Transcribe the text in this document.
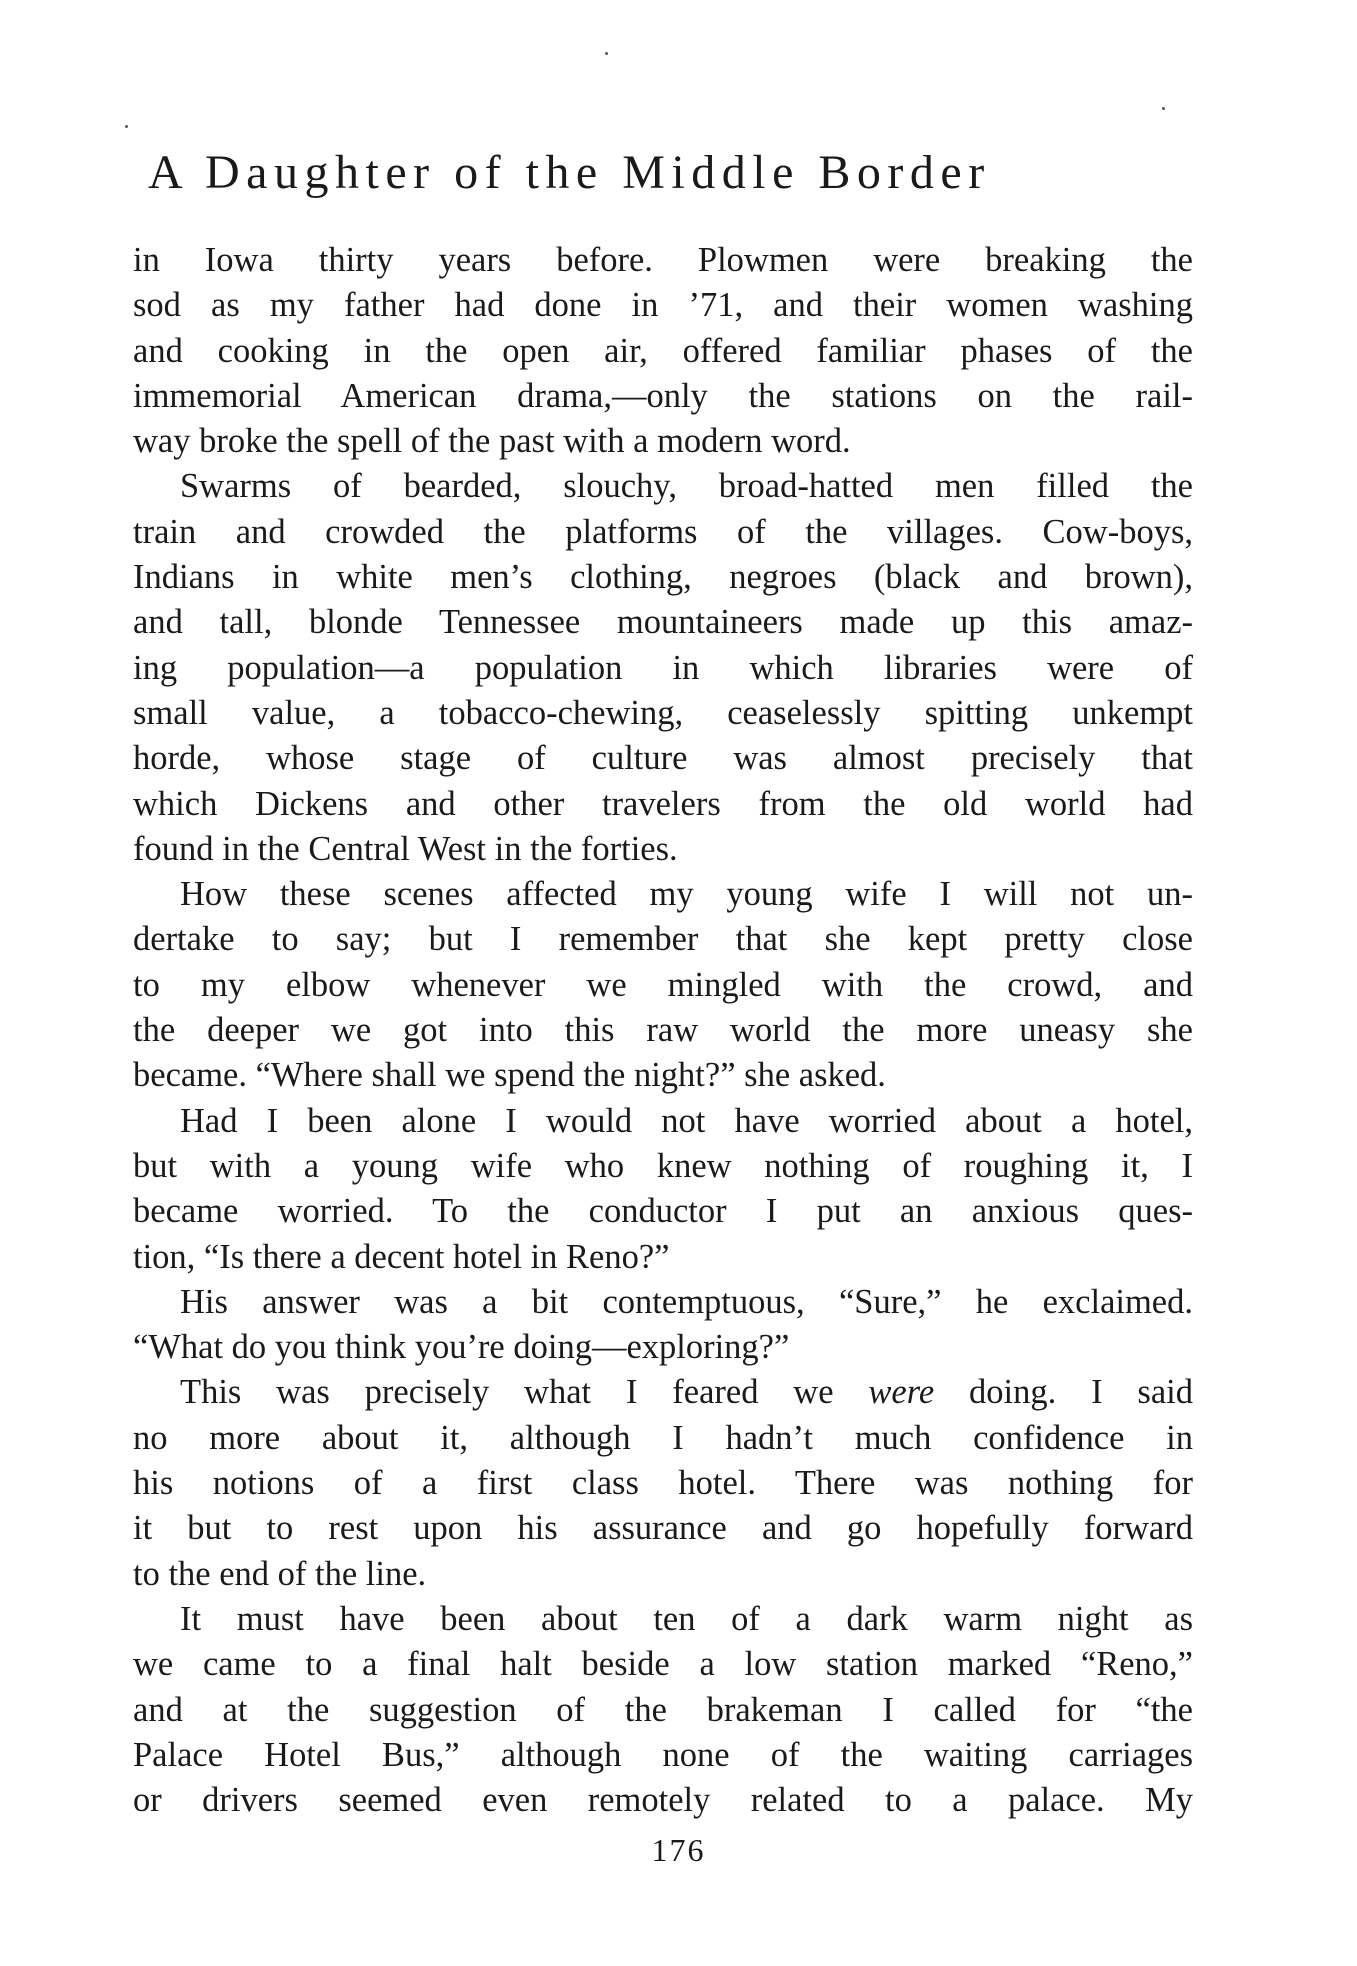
A Daughter of the Middle Border
in Iowa thirty years before. Plowmen were breaking the
sod as my father had done in ’71, and their women washing
and cooking in the open air, offered familiar phases of the
immemorial American drama,—only the stations on the rail-
way broke the spell of the past with a modern word.
Swarms of bearded, slouchy, broad-hatted men filled the
train and crowded the platforms of the villages. Cow-boys,
Indians in white men’s clothing, negroes (black and brown),
and tall, blonde Tennessee mountaineers made up this amaz-
ing population—a population in which libraries were of
small value, a tobacco-chewing, ceaselessly spitting unkempt
horde, whose stage of culture was almost precisely that
which Dickens and other travelers from the old world had
found in the Central West in the forties.
How these scenes affected my young wife I will not un-
dertake to say; but I remember that she kept pretty close
to my elbow whenever we mingled with the crowd, and
the deeper we got into this raw world the more uneasy she
became. “Where shall we spend the night?” she asked.
Had I been alone I would not have worried about a hotel,
but with a young wife who knew nothing of roughing it, I
became worried. To the conductor I put an anxious ques-
tion, “Is there a decent hotel in Reno?”
His answer was a bit contemptuous, “Sure,” he exclaimed.
“What do you think you’re doing—exploring?”
This was precisely what I feared we were doing. I said
no more about it, although I hadn’t much confidence in
his notions of a first class hotel. There was nothing for
it but to rest upon his assurance and go hopefully forward
to the end of the line.
It must have been about ten of a dark warm night as
we came to a final halt beside a low station marked “Reno,”
and at the suggestion of the brakeman I called for “the
Palace Hotel Bus,” although none of the waiting carriages
or drivers seemed even remotely related to a palace. My
176
